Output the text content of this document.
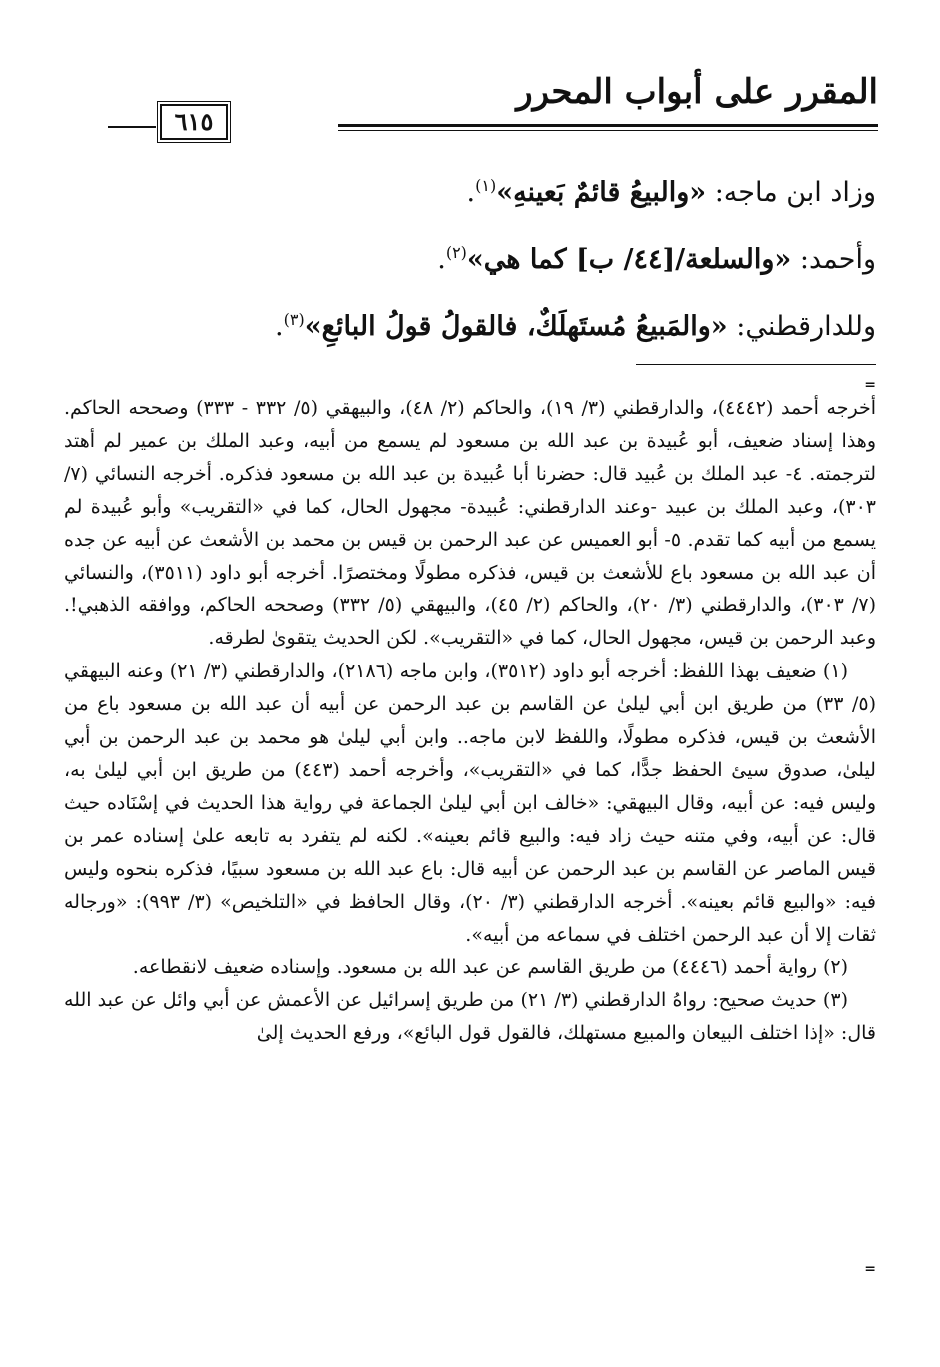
المقرر على أبواب المحرر
٦١٥
وزاد ابن ماجه: «والبيعُ قائمٌ بَعينهِ»$^{(١)}$.
وأحمد: «والسلعة/[٤٤/ ب] كما هي»$^{(٢)}$.
وللدارقطني: «والمَبيعُ مُستَهلَكٌ، فالقولُ قولُ البائعِ»$^{(٣)}$.
=

أخرجه أحمد (٤٤٤٢)، والدارقطني (٣/ ١٩)، والحاكم (٢/ ٤٨)، والبيهقي (٥/ ٣٣٢ - ٣٣٣) وصححه الحاكم. وهذا إسناد ضعيف، أبو عُبيدة بن عبد الله بن مسعود لم يسمع من أبيه، وعبد الملك بن عمير لم أهتد لترجمته. ٤- عبد الملك بن عُبيد قال: حضرنا أبا عُبيدة بن عبد الله بن مسعود فذكره. أخرجه النسائي (٧/ ٣٠٣)، وعبد الملك بن عبيد -وعند الدارقطني: عُبيدة- مجهول الحال، كما في «التقريب» وأبو عُبيدة لم يسمع من أبيه كما تقدم. ٥- أبو العميس عن عبد الرحمن بن قيس بن محمد بن الأشعث عن أبيه عن جده أن عبد الله بن مسعود باع للأشعث بن قيس، فذكره مطولًا ومختصرًا. أخرجه أبو داود (٣٥١١)، والنسائي (٧/ ٣٠٣)، والدارقطني (٣/ ٢٠)، والحاكم (٢/ ٤٥)، والبيهقي (٥/ ٣٣٢) وصححه الحاكم، ووافقه الذهبي!. وعبد الرحمن بن قيس، مجهول الحال، كما في «التقريب». لكن الحديث يتقوىٰ لطرقه.

(١) ضعيف بهذا اللفظ: أخرجه أبو داود (٣٥١٢)، وابن ماجه (٢١٨٦)، والدارقطني (٣/ ٢١) وعنه البيهقي (٥/ ٣٣) من طريق ابن أبي ليلىٰ عن القاسم بن عبد الرحمن عن أبيه أن عبد الله بن مسعود باع من الأشعث بن قيس، فذكره مطولًا، واللفظ لابن ماجه.. وابن أبي ليلىٰ هو محمد بن عبد الرحمن بن أبي ليلىٰ، صدوق سيئ الحفظ جدًّا، كما في «التقريب»، وأخرجه أحمد (٤٤٣) من طريق ابن أبي ليلىٰ به، وليس فيه: عن أبيه، وقال البيهقي: «خالف ابن أبي ليلىٰ الجماعة في رواية هذا الحديث في إسْنَاده حيث قال: عن أبيه، وفي متنه حيث زاد فيه: والبيع قائم بعينه». لكنه لم يتفرد به تابعه علىٰ إسناده عمر بن قيس الماصر عن القاسم بن عبد الرحمن عن أبيه قال: باع عبد الله بن مسعود سبيًا، فذكره بنحوه وليس فيه: «والبيع قائم بعينه». أخرجه الدارقطني (٣/ ٢٠)، وقال الحافظ في «التلخيص» (٣/ ٩٩٣): «ورجاله ثقات إلا أن عبد الرحمن اختلف في سماعه من أبيه».

(٢) رواية أحمد (٤٤٤٦) من طريق القاسم عن عبد الله بن مسعود. وإسناده ضعيف لانقطاعه.

(٣) حديث صحيح: رواهُ الدارقطني (٣/ ٢١) من طريق إسرائيل عن الأعمش عن أبي وائل عن عبد الله قال: «إذا اختلف البيعان والمبيع مستهلك، فالقول قول البائع»، ورفع الحديث إلىٰ

=
